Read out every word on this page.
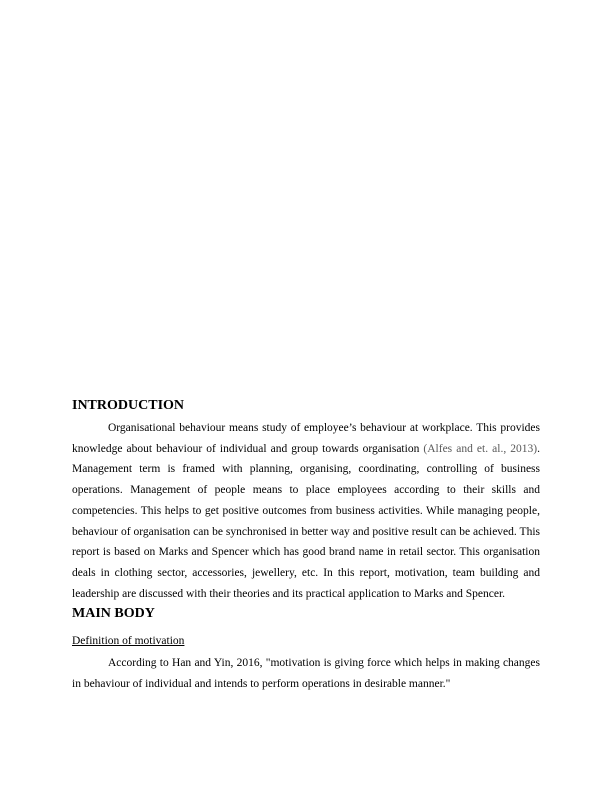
INTRODUCTION

Organisational behaviour means study of employee’s behaviour at workplace. This provides knowledge about behaviour of individual and group towards organisation (Alfes and et. al., 2013). Management term is framed with planning, organising, coordinating, controlling of business operations. Management of people means to place employees according to their skills and competencies. This helps to get positive outcomes from business activities. While managing people, behaviour of organisation can be synchronised in better way and positive result can be achieved. This report is based on Marks and Spencer which has good brand name in retail sector. This organisation deals in clothing sector, accessories, jewellery, etc. In this report, motivation, team building and leadership are discussed with their theories and its practical application to Marks and Spencer.

MAIN BODY
Definition of motivation

According to Han and Yin, 2016, "motivation is giving force which helps in making changes in behaviour of individual and intends to perform operations in desirable manner."
